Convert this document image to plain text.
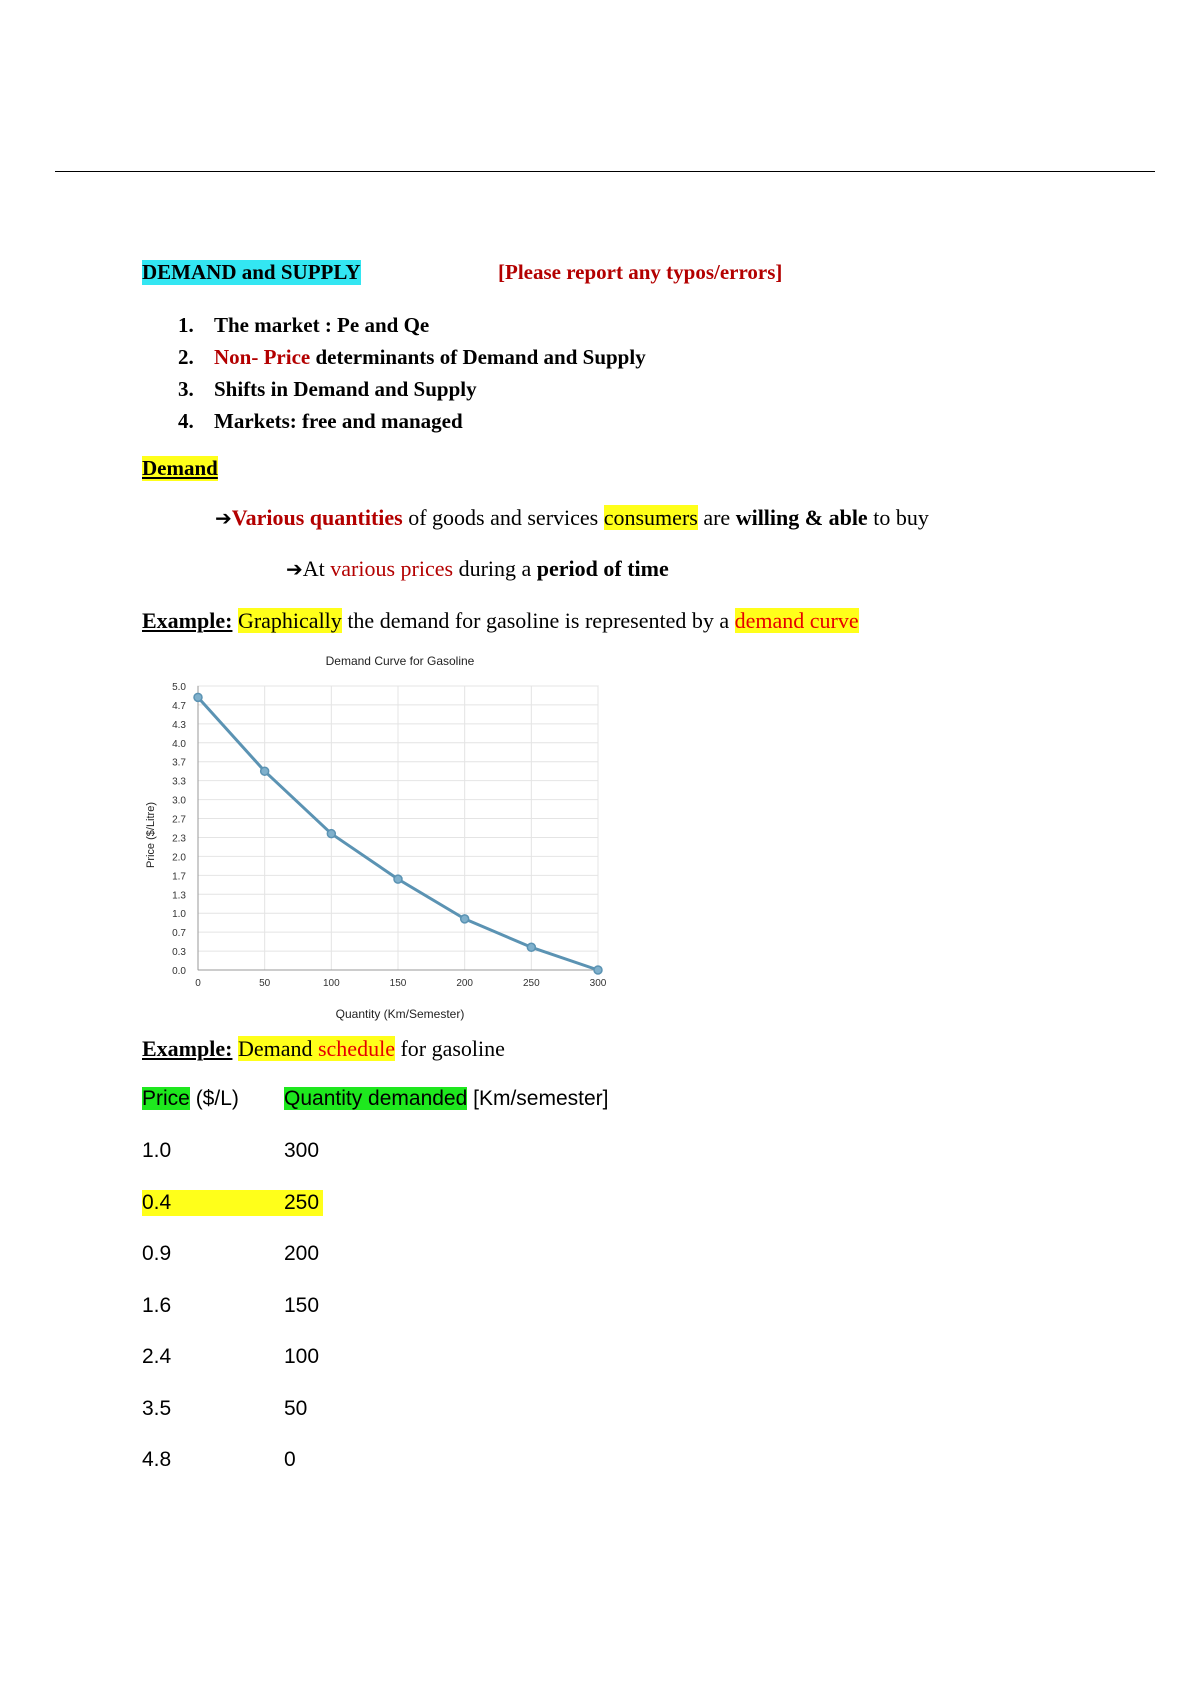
DEMAND and SUPPLY	[Please report any typos/errors]
1. The market : Pe and Qe
2. Non- Price determinants of Demand and Supply
3. Shifts in Demand and Supply
4. Markets: free and managed
Demand
➔Various quantities of goods and services consumers are willing & able to buy
➔At various prices during a period of time
Example: Graphically the demand for gasoline is represented by a demand curve
Demand Curve for Gasoline
Price ($/Litre)
Quantity (Km/Semester)
0.0
0.3
0.7
1.0
1.3
1.7
2.0
2.3
2.7
3.0
3.3
3.7
4.0
4.3
4.7
5.0
0	50	100	150	200	250	300
Example: Demand schedule for gasoline
Price ($/L) Quantity demanded [Km/semester]
1.0	300
0.4	250
0.9	200
1.6	150
2.4	100
3.5	50
4.8	0
